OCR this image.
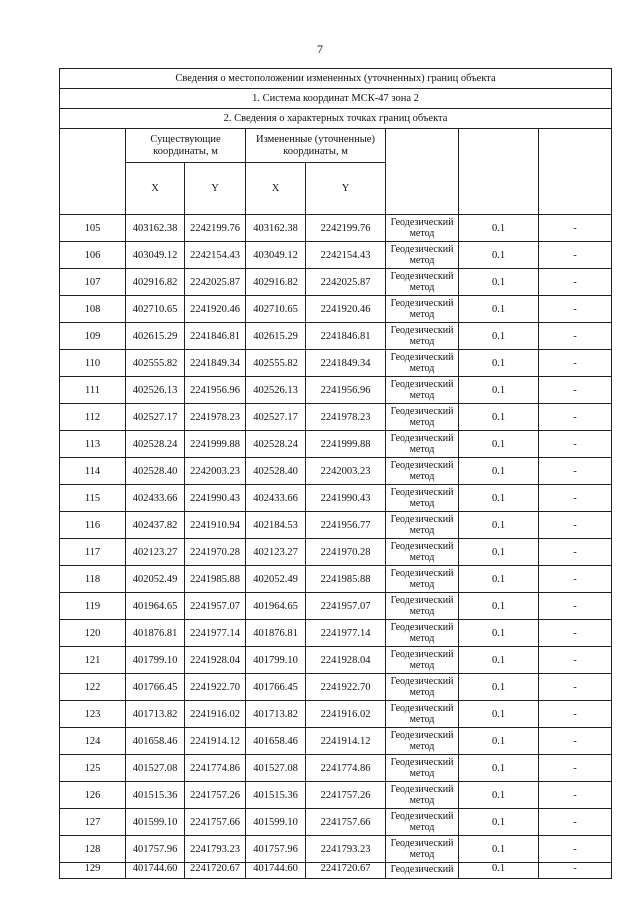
7
Сведения о местоположении измененных (уточненных) границ объекта							
1. Система координат МСК-47 зона 2							
2. Сведения о характерных точках границ объекта							
	Существующие координаты, м		Измененные (уточненные) координаты, м				
	X	Y	X	Y			
105	403162.38	2242199.76	403162.38	2242199.76	Геодезический метод	0.1	-
106	403049.12	2242154.43	403049.12	2242154.43	Геодезический метод	0.1	-
107	402916.82	2242025.87	402916.82	2242025.87	Геодезический метод	0.1	-
108	402710.65	2241920.46	402710.65	2241920.46	Геодезический метод	0.1	-
109	402615.29	2241846.81	402615.29	2241846.81	Геодезический метод	0.1	-
110	402555.82	2241849.34	402555.82	2241849.34	Геодезический метод	0.1	-
111	402526.13	2241956.96	402526.13	2241956.96	Геодезический метод	0.1	-
112	402527.17	2241978.23	402527.17	2241978.23	Геодезический метод	0.1	-
113	402528.24	2241999.88	402528.24	2241999.88	Геодезический метод	0.1	-
114	402528.40	2242003.23	402528.40	2242003.23	Геодезический метод	0.1	-
115	402433.66	2241990.43	402433.66	2241990.43	Геодезический метод	0.1	-
116	402437.82	2241910.94	402184.53	2241956.77	Геодезический метод	0.1	-
117	402123.27	2241970.28	402123.27	2241970.28	Геодезический метод	0.1	-
118	402052.49	2241985.88	402052.49	2241985.88	Геодезический метод	0.1	-
119	401964.65	2241957.07	401964.65	2241957.07	Геодезический метод	0.1	-
120	401876.81	2241977.14	401876.81	2241977.14	Геодезический метод	0.1	-
121	401799.10	2241928.04	401799.10	2241928.04	Геодезический метод	0.1	-
122	401766.45	2241922.70	401766.45	2241922.70	Геодезический метод	0.1	-
123	401713.82	2241916.02	401713.82	2241916.02	Геодезический метод	0.1	-
124	401658.46	2241914.12	401658.46	2241914.12	Геодезический метод	0.1	-
125	401527.08	2241774.86	401527.08	2241774.86	Геодезический метод	0.1	-
126	401515.36	2241757.26	401515.36	2241757.26	Геодезический метод	0.1	-
127	401599.10	2241757.66	401599.10	2241757.66	Геодезический метод	0.1	-
128	401757.96	2241793.23	401757.96	2241793.23	Геодезический метод	0.1	-
129	401744.60	2241720.67	401744.60	2241720.67	Геодезический	0.1	-
